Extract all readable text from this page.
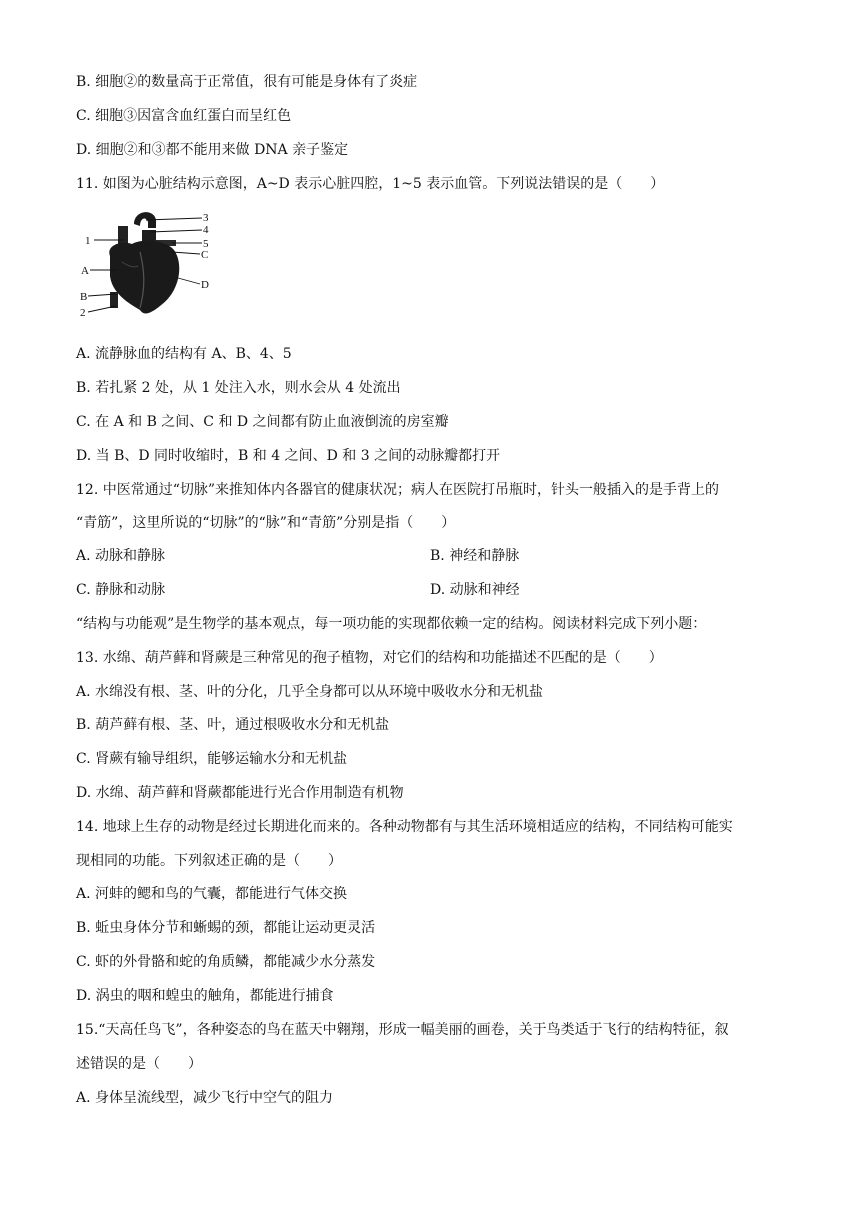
B. 细胞②的数量高于正常值，很有可能是身体有了炎症
C. 细胞③因富含血红蛋白而呈红色
D. 细胞②和③都不能用来做 DNA 亲子鉴定
11. 如图为心脏结构示意图，A~D 表示心脏四腔，1~5 表示血管。下列说法错误的是（　　）
3
4
5
C
D
1
A
B
2
A. 流静脉血的结构有 A、B、4、5
B. 若扎紧 2 处，从 1 处注入水，则水会从 4 处流出
C. 在 A 和 B 之间、C 和 D 之间都有防止血液倒流的房室瓣
D. 当 B、D 同时收缩时，B 和 4 之间、D 和 3 之间的动脉瓣都打开
12. 中医常通过“切脉”来推知体内各器官的健康状况；病人在医院打吊瓶时，针头一般插入的是手背上的
“青筋”，这里所说的“切脉”的“脉”和“青筋”分别是指（　　）
A. 动脉和静脉	B. 神经和静脉
C. 静脉和动脉	D. 动脉和神经
“结构与功能观”是生物学的基本观点，每一项功能的实现都依赖一定的结构。阅读材料完成下列小题：
13. 水绵、葫芦藓和肾蕨是三种常见的孢子植物，对它们的结构和功能描述不匹配的是（　　）
A. 水绵没有根、茎、叶的分化，几乎全身都可以从环境中吸收水分和无机盐
B. 葫芦藓有根、茎、叶，通过根吸收水分和无机盐
C. 肾蕨有输导组织，能够运输水分和无机盐
D. 水绵、葫芦藓和肾蕨都能进行光合作用制造有机物
14. 地球上生存的动物是经过长期进化而来的。各种动物都有与其生活环境相适应的结构，不同结构可能实
现相同的功能。下列叙述正确的是（　　）
A. 河蚌的鳃和鸟的气囊，都能进行气体交换
B. 蚯虫身体分节和蜥蜴的颈，都能让运动更灵活
C. 虾的外骨骼和蛇的角质鳞，都能减少水分蒸发
D. 涡虫的咽和蝗虫的触角，都能进行捕食
15.“天高任鸟飞”，各种姿态的鸟在蓝天中翱翔，形成一幅美丽的画卷，关于鸟类适于飞行的结构特征，叙
述错误的是（　　）
A. 身体呈流线型，减少飞行中空气的阻力
